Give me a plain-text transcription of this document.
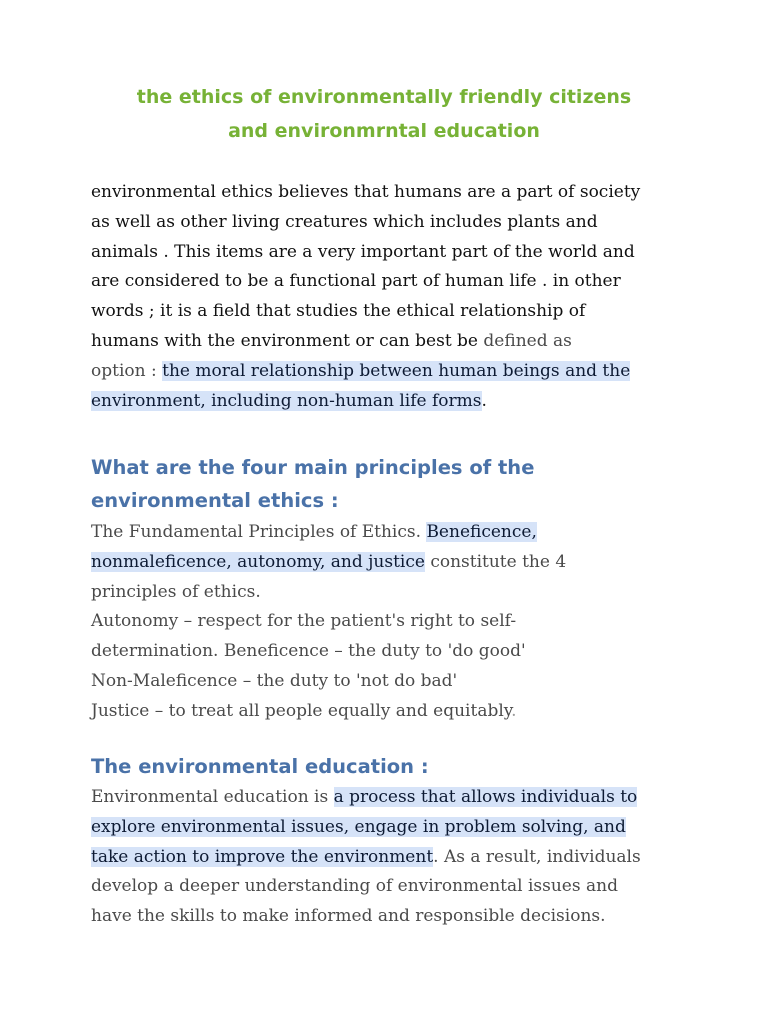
the ethics of environmentally friendly citizens
and environmrntal education
environmental ethics believes that humans are a part of society
as well as other living creatures which includes plants and
animals . This items are a very important part of the world and
are considered to be a functional part of human life . in other
words ; it is a field that studies the ethical relationship of
humans with the environment or can best be defined as
option : the moral relationship between human beings and the
environment, including non-human life forms.
What are the four main principles of the
environmental ethics :
The Fundamental Principles of Ethics. Beneficence,
nonmaleficence, autonomy, and justice constitute the 4
principles of ethics.
Autonomy – respect for the patient's right to self-
determination. Beneficence – the duty to 'do good'
Non-Maleficence – the duty to 'not do bad'
Justice – to treat all people equally and equitably.
The environmental education :
Environmental education is a process that allows individuals to
explore environmental issues, engage in problem solving, and
take action to improve the environment. As a result, individuals
develop a deeper understanding of environmental issues and
have the skills to make informed and responsible decisions.
